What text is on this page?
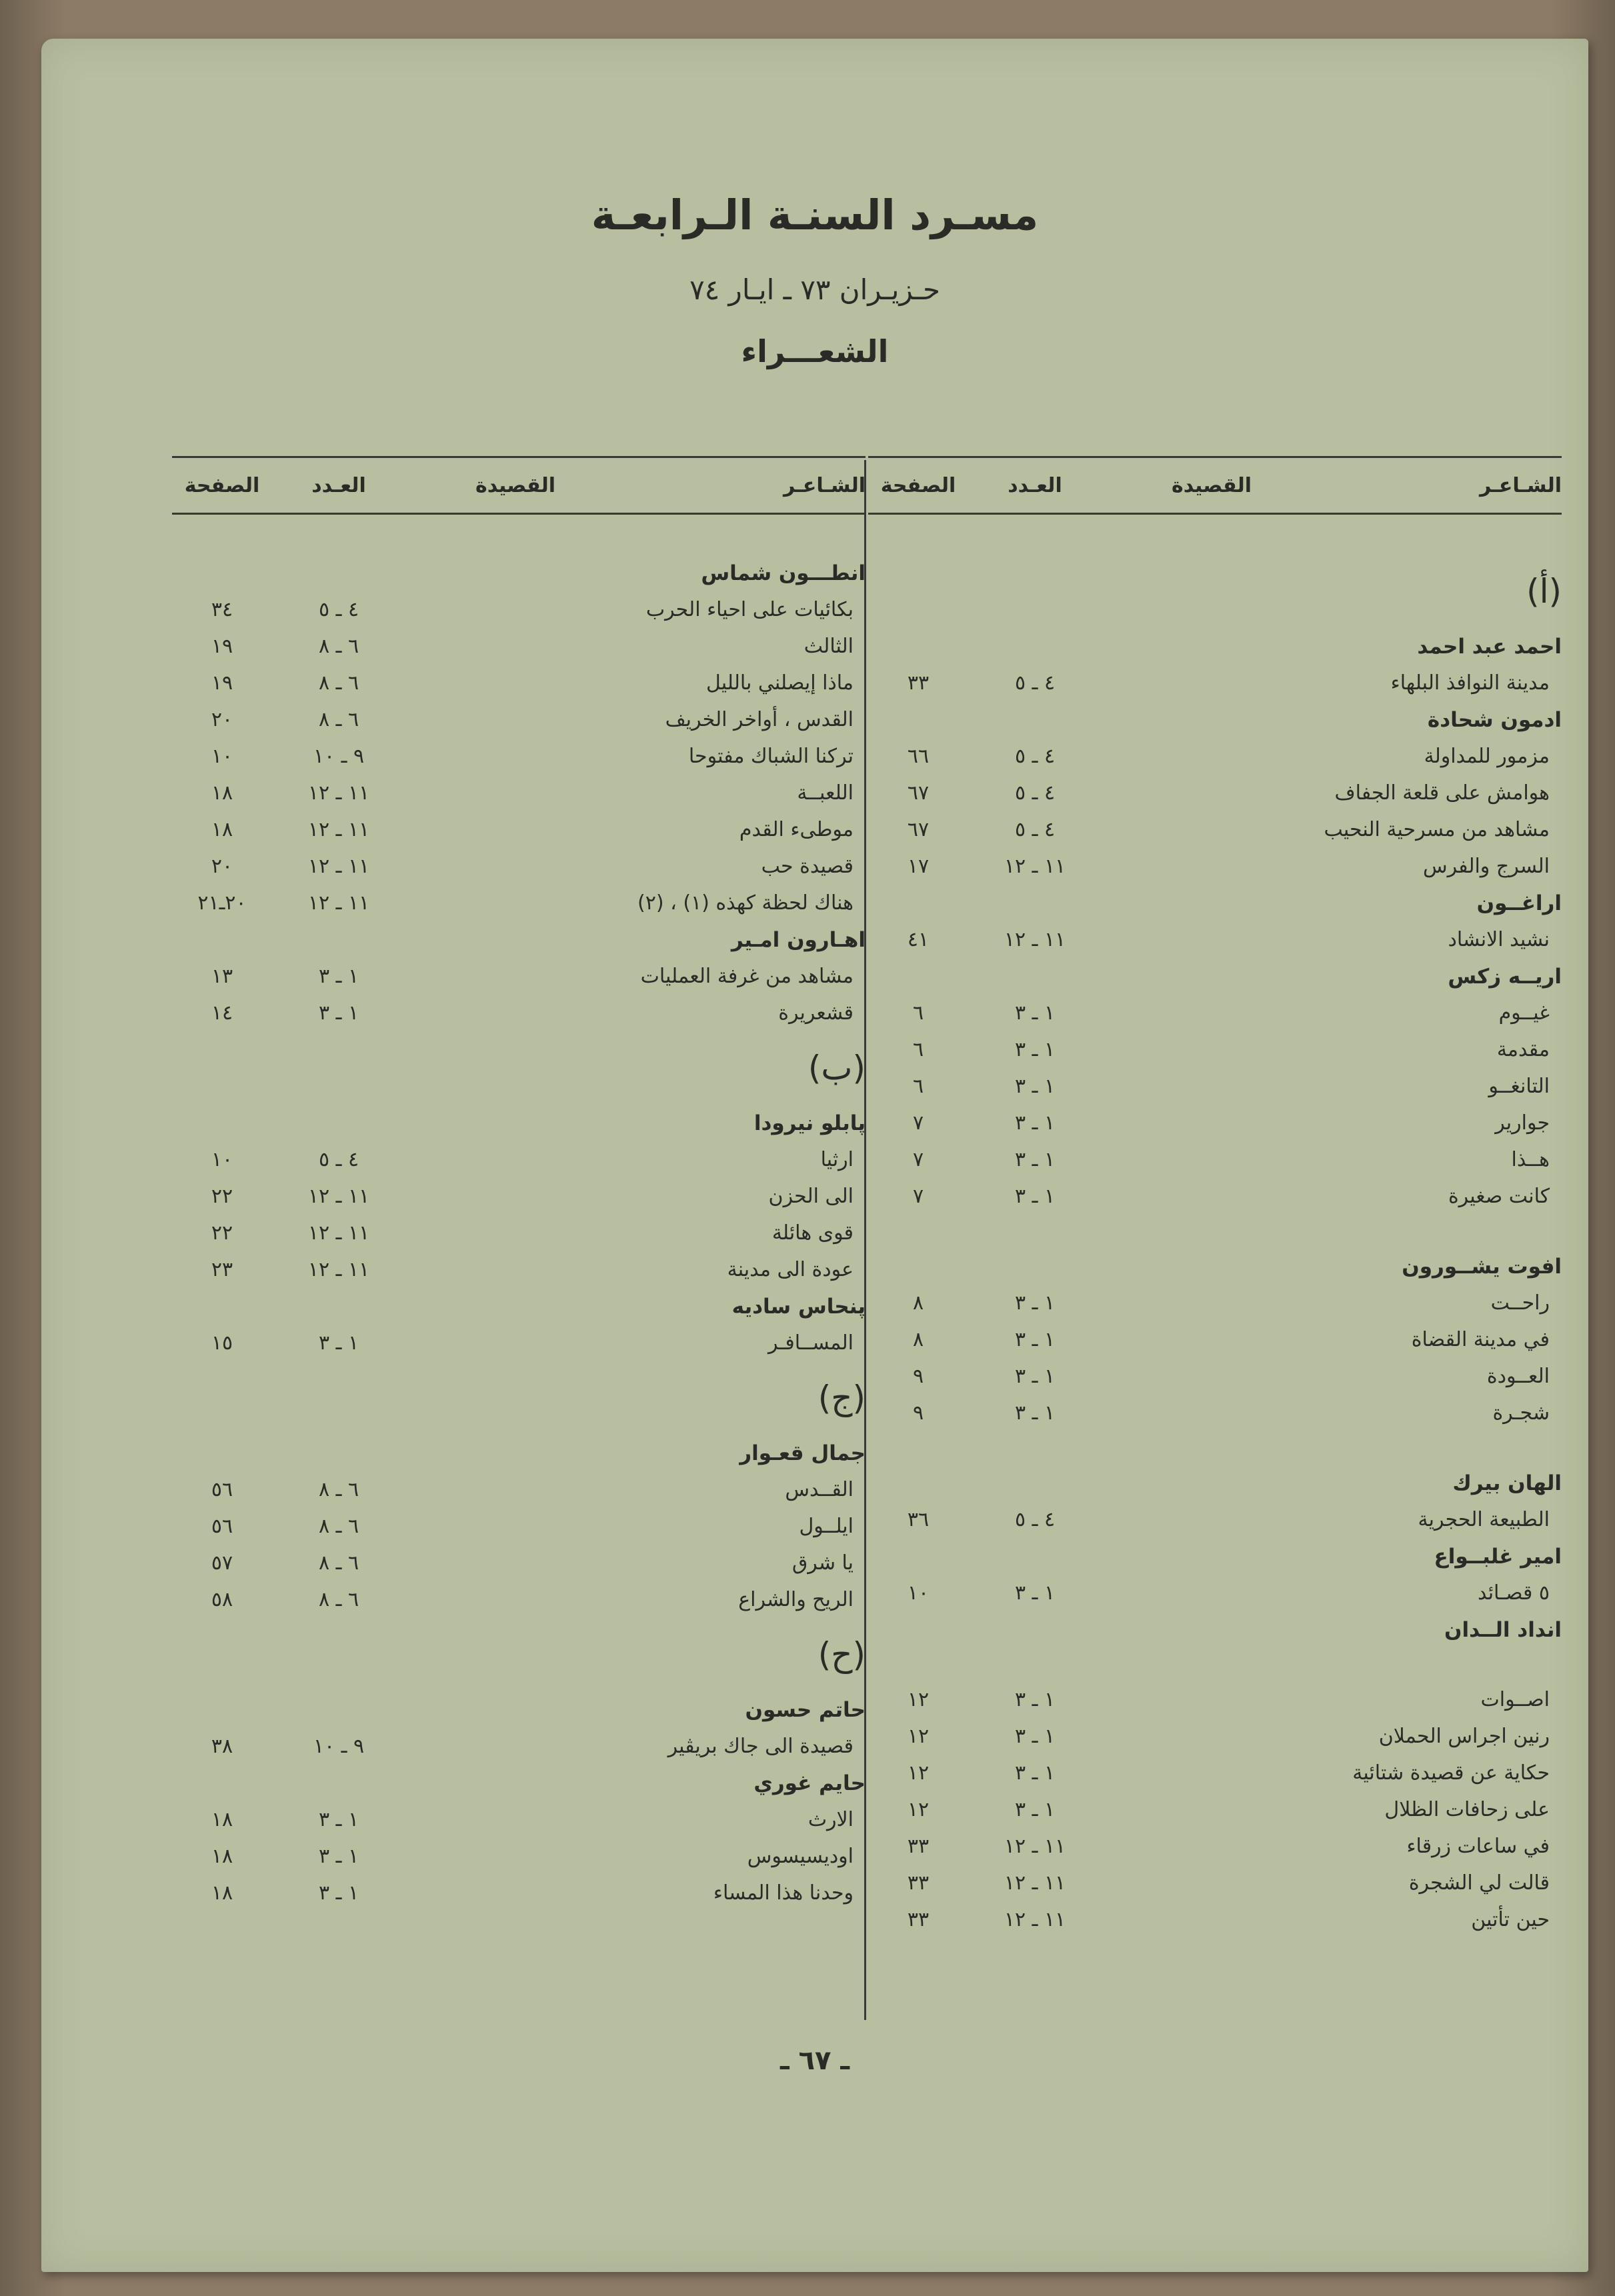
مسـرد السنـة الـرابعـة
حـزيـران ٧٣ ـ ايـار ٧٤
الشعـــراء
الشـاعـر
القصيدة
العـدد
الصفحة
(أ)
احمد عبد احمد
مدينة النوافذ البلهاء
٤ ـ ٥
٣٣
ادمون شحادة
مزمور للمداولة
٤ ـ ٥
٦٦
هوامش على قلعة الجفاف
٤ ـ ٥
٦٧
مشاهد من مسرحية النحيب
٤ ـ ٥
٦٧
السرج والفرس
١١ ـ ١٢
١٧
اراغــون
نشيد الانشاد
١١ ـ ١٢
٤١
اريــه زكس
غيــوم
١ ـ ٣
٦
مقدمة
١ ـ ٣
٦
التانغــو
١ ـ ٣
٦
جوارير
١ ـ ٣
٧
هــذا
١ ـ ٣
٧
كانت صغيرة
١ ـ ٣
٧
افوت يشــورون
راحــت
١ ـ ٣
٨
في مدينة القضاة
١ ـ ٣
٨
العــودة
١ ـ ٣
٩
شجـرة
١ ـ ٣
٩
الهان بيرك
الطبيعة الحجرية
٤ ـ ٥
٣٦
امير غلبــواع
٥ قصـائد
١ ـ ٣
١٠
انداد الــدان
اصــوات
١ ـ ٣
١٢
رنين اجراس الحملان
١ ـ ٣
١٢
حكاية عن قصيدة شتائية
١ ـ ٣
١٢
على زحافات الظلال
١ ـ ٣
١٢
في ساعات زرقاء
١١ ـ ١٢
٣٣
قالت لي الشجرة
١١ ـ ١٢
٣٣
حين تأتين
١١ ـ ١٢
٣٣
الشـاعـر
القصيدة
العـدد
الصفحة
انطـــون شماس
بكائيات على احياء الحرب
٤ ـ ٥
٣٤
الثالث
٦ ـ ٨
١٩
ماذا إيصلني بالليل
٦ ـ ٨
١٩
القدس ، أواخر الخريف
٦ ـ ٨
٢٠
تركنا الشباك مفتوحا
٩ ـ ١٠
١٠
اللعبــة
١١ ـ ١٢
١٨
موطىء القدم
١١ ـ ١٢
١٨
قصيدة حب
١١ ـ ١٢
٢٠
هناك لحظة كهذه (١) ، (٢)
١١ ـ ١٢
٢٠ـ٢١
اهـارون امـير
مشاهد من غرفة العمليات
١ ـ ٣
١٣
قشعريرة
١ ـ ٣
١٤
(ب)
پابلو نيرودا
ارثيا
٤ ـ ٥
١٠
الى الحزن
١١ ـ ١٢
٢٢
قوى هائلة
١١ ـ ١٢
٢٢
عودة الى مدينة
١١ ـ ١٢
٢٣
پنحاس ساديه
المســافـر
١ ـ ٣
١٥
(ج)
جمال قعـوار
القــدس
٦ ـ ٨
٥٦
ايلــول
٦ ـ ٨
٥٦
يا شرق
٦ ـ ٨
٥٧
الريح والشراع
٦ ـ ٨
٥٨
(ح)
حاتم حسون
قصيدة الى جاك بريڤير
٩ ـ ١٠
٣٨
حايم غوري
الارث
١ ـ ٣
١٨
اوديسيسوس
١ ـ ٣
١٨
وحدنا هذا المساء
١ ـ ٣
١٨
ـ ٦٧ ـ
